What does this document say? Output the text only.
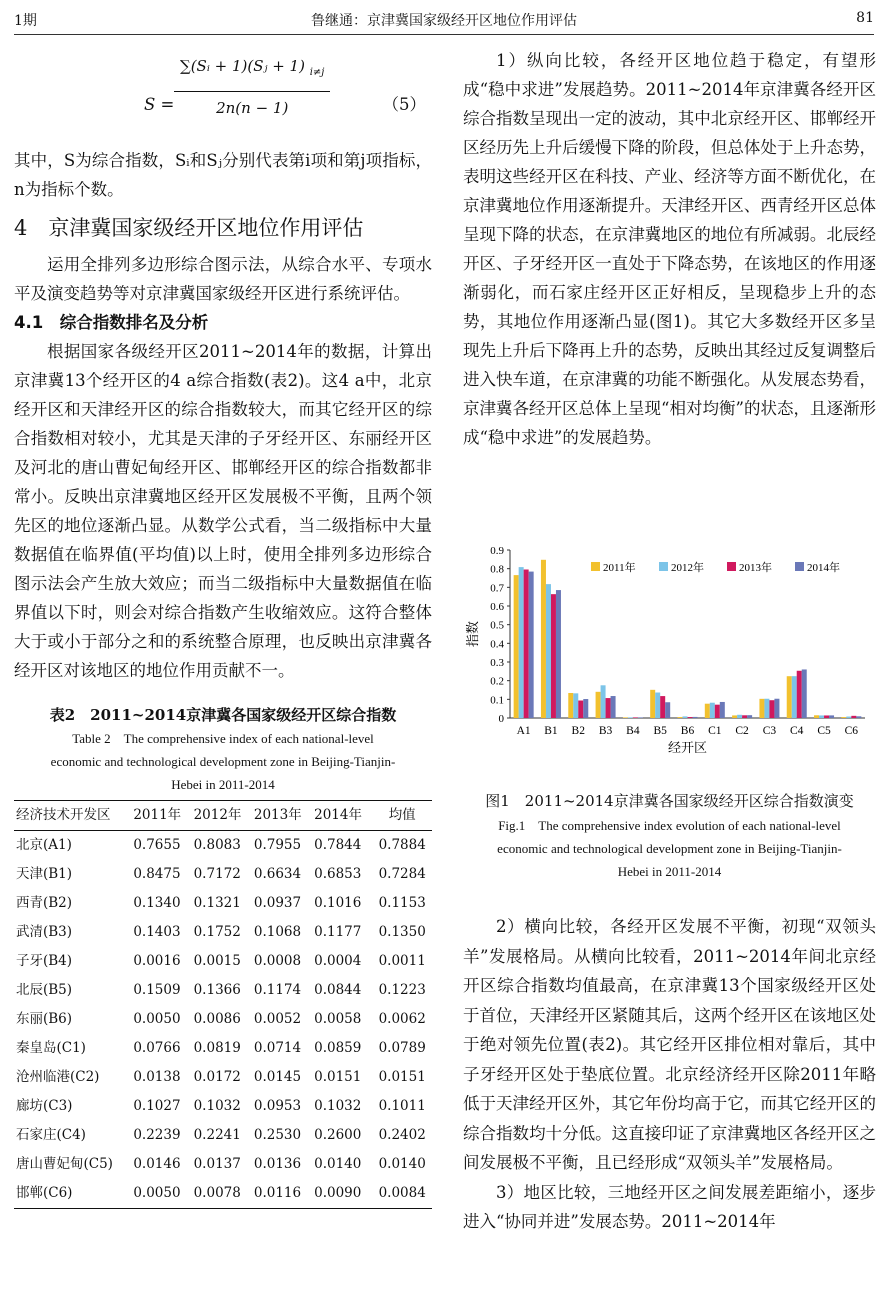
1期	鲁继通：京津冀国家级经开区地位作用评估	81
$S = \frac{\sum(Sᵢ + 1)(Sⱼ + 1) _{i\ne j}}{2n(n - 1)}$	（5）

其中，S为综合指数，Sᵢ和Sⱼ分别代表第i项和第j项指标，n为指标个数。

4　京津冀国家级经开区地位作用评估

运用全排列多边形综合图示法，从综合水平、专项水平及演变趋势等对京津冀国家级经开区进行系统评估。

4.1　综合指数排名及分析

根据国家各级经开区2011~2014年的数据，计算出京津冀13个经开区的4 a综合指数(表2)。这4 a中，北京经开区和天津经开区的综合指数较大，而其它经开区的综合指数相对较小，尤其是天津的子牙经开区、东丽经开区及河北的唐山曹妃甸经开区、邯郸经开区的综合指数都非常小。反映出京津冀地区经开区发展极不平衡，且两个领先区的地位逐渐凸显。从数学公式看，当二级指标中大量数据值在临界值(平均值)以上时，使用全排列多边形综合图示法会产生放大效应；而当二级指标中大量数据值在临界值以下时，则会对综合指数产生收缩效应。这符合整体大于或小于部分之和的系统整合原理，也反映出京津冀各经开区对该地区的地位作用贡献不一。

表2　2011~2014京津冀各国家级经开区综合指数
Table 2　The comprehensive index of each national-level
economic and technological development zone in Beijing-Tianjin-
Hebei in 2011-2014
经济技术开发区	2011年	2012年	2013年	2014年	均值
北京(A1)	0.7655	0.8083	0.7955	0.7844	0.7884
天津(B1)	0.8475	0.7172	0.6634	0.6853	0.7284
西青(B2)	0.1340	0.1321	0.0937	0.1016	0.1153
武清(B3)	0.1403	0.1752	0.1068	0.1177	0.1350
子牙(B4)	0.0016	0.0015	0.0008	0.0004	0.0011
北辰(B5)	0.1509	0.1366	0.1174	0.0844	0.1223
东丽(B6)	0.0050	0.0086	0.0052	0.0058	0.0062
秦皇岛(C1)	0.0766	0.0819	0.0714	0.0859	0.0789
沧州临港(C2)	0.0138	0.0172	0.0145	0.0151	0.0151
廊坊(C3)	0.1027	0.1032	0.0953	0.1032	0.1011
石家庄(C4)	0.2239	0.2241	0.2530	0.2600	0.2402
唐山曹妃甸(C5)	0.0146	0.0137	0.0136	0.0140	0.0140
邯郸(C6)	0.0050	0.0078	0.0116	0.0090	0.0084

1）纵向比较，各经开区地位趋于稳定，有望形成“稳中求进”发展趋势。2011~2014年京津冀各经开区综合指数呈现出一定的波动，其中北京经开区、邯郸经开区经历先上升后缓慢下降的阶段，但总体处于上升态势，表明这些经开区在科技、产业、经济等方面不断优化，在京津冀地位作用逐渐提升。天津经开区、西青经开区总体呈现下降的状态，在京津冀地区的地位有所减弱。北辰经开区、子牙经开区一直处于下降态势，在该地区的作用逐渐弱化，而石家庄经开区正好相反，呈现稳步上升的态势，其地位作用逐渐凸显(图1)。其它大多数经开区多呈现先上升后下降再上升的态势，反映出其经过反复调整后进入快车道，在京津冀的功能不断强化。从发展态势看，京津冀各经开区总体上呈现“相对均衡”的状态，且逐渐形成“稳中求进”的发展趋势。

0
0.1
0.2
0.3
0.4
0.5
0.6
0.7
0.8
0.9
A1 B1 B2 B3 B4 B5 B6 C1 C2 C3 C4 C5 C6
经开区
指数
2011年	2012年	2013年	2014年
图1　2011~2014京津冀各国家级经开区综合指数演变
Fig.1　The comprehensive index evolution of each national-level
economic and technological development zone in Beijing-Tianjin-
Hebei in 2011-2014

2）横向比较，各经开区发展不平衡，初现“双领头羊”发展格局。从横向比较看，2011~2014年间北京经开区综合指数均值最高，在京津冀13个国家级经开区处于首位，天津经开区紧随其后，这两个经开区在该地区处于绝对领先位置(表2)。其它经开区排位相对靠后，其中子牙经开区处于垫底位置。北京经济经开区除2011年略低于天津经开区外，其它年份均高于它，而其它经开区的综合指数均十分低。这直接印证了京津冀地区各经开区之间发展极不平衡，且已经形成“双领头羊”发展格局。

3）地区比较，三地经开区之间发展差距缩小，逐步进入“协同并进”发展态势。2011~2014年
